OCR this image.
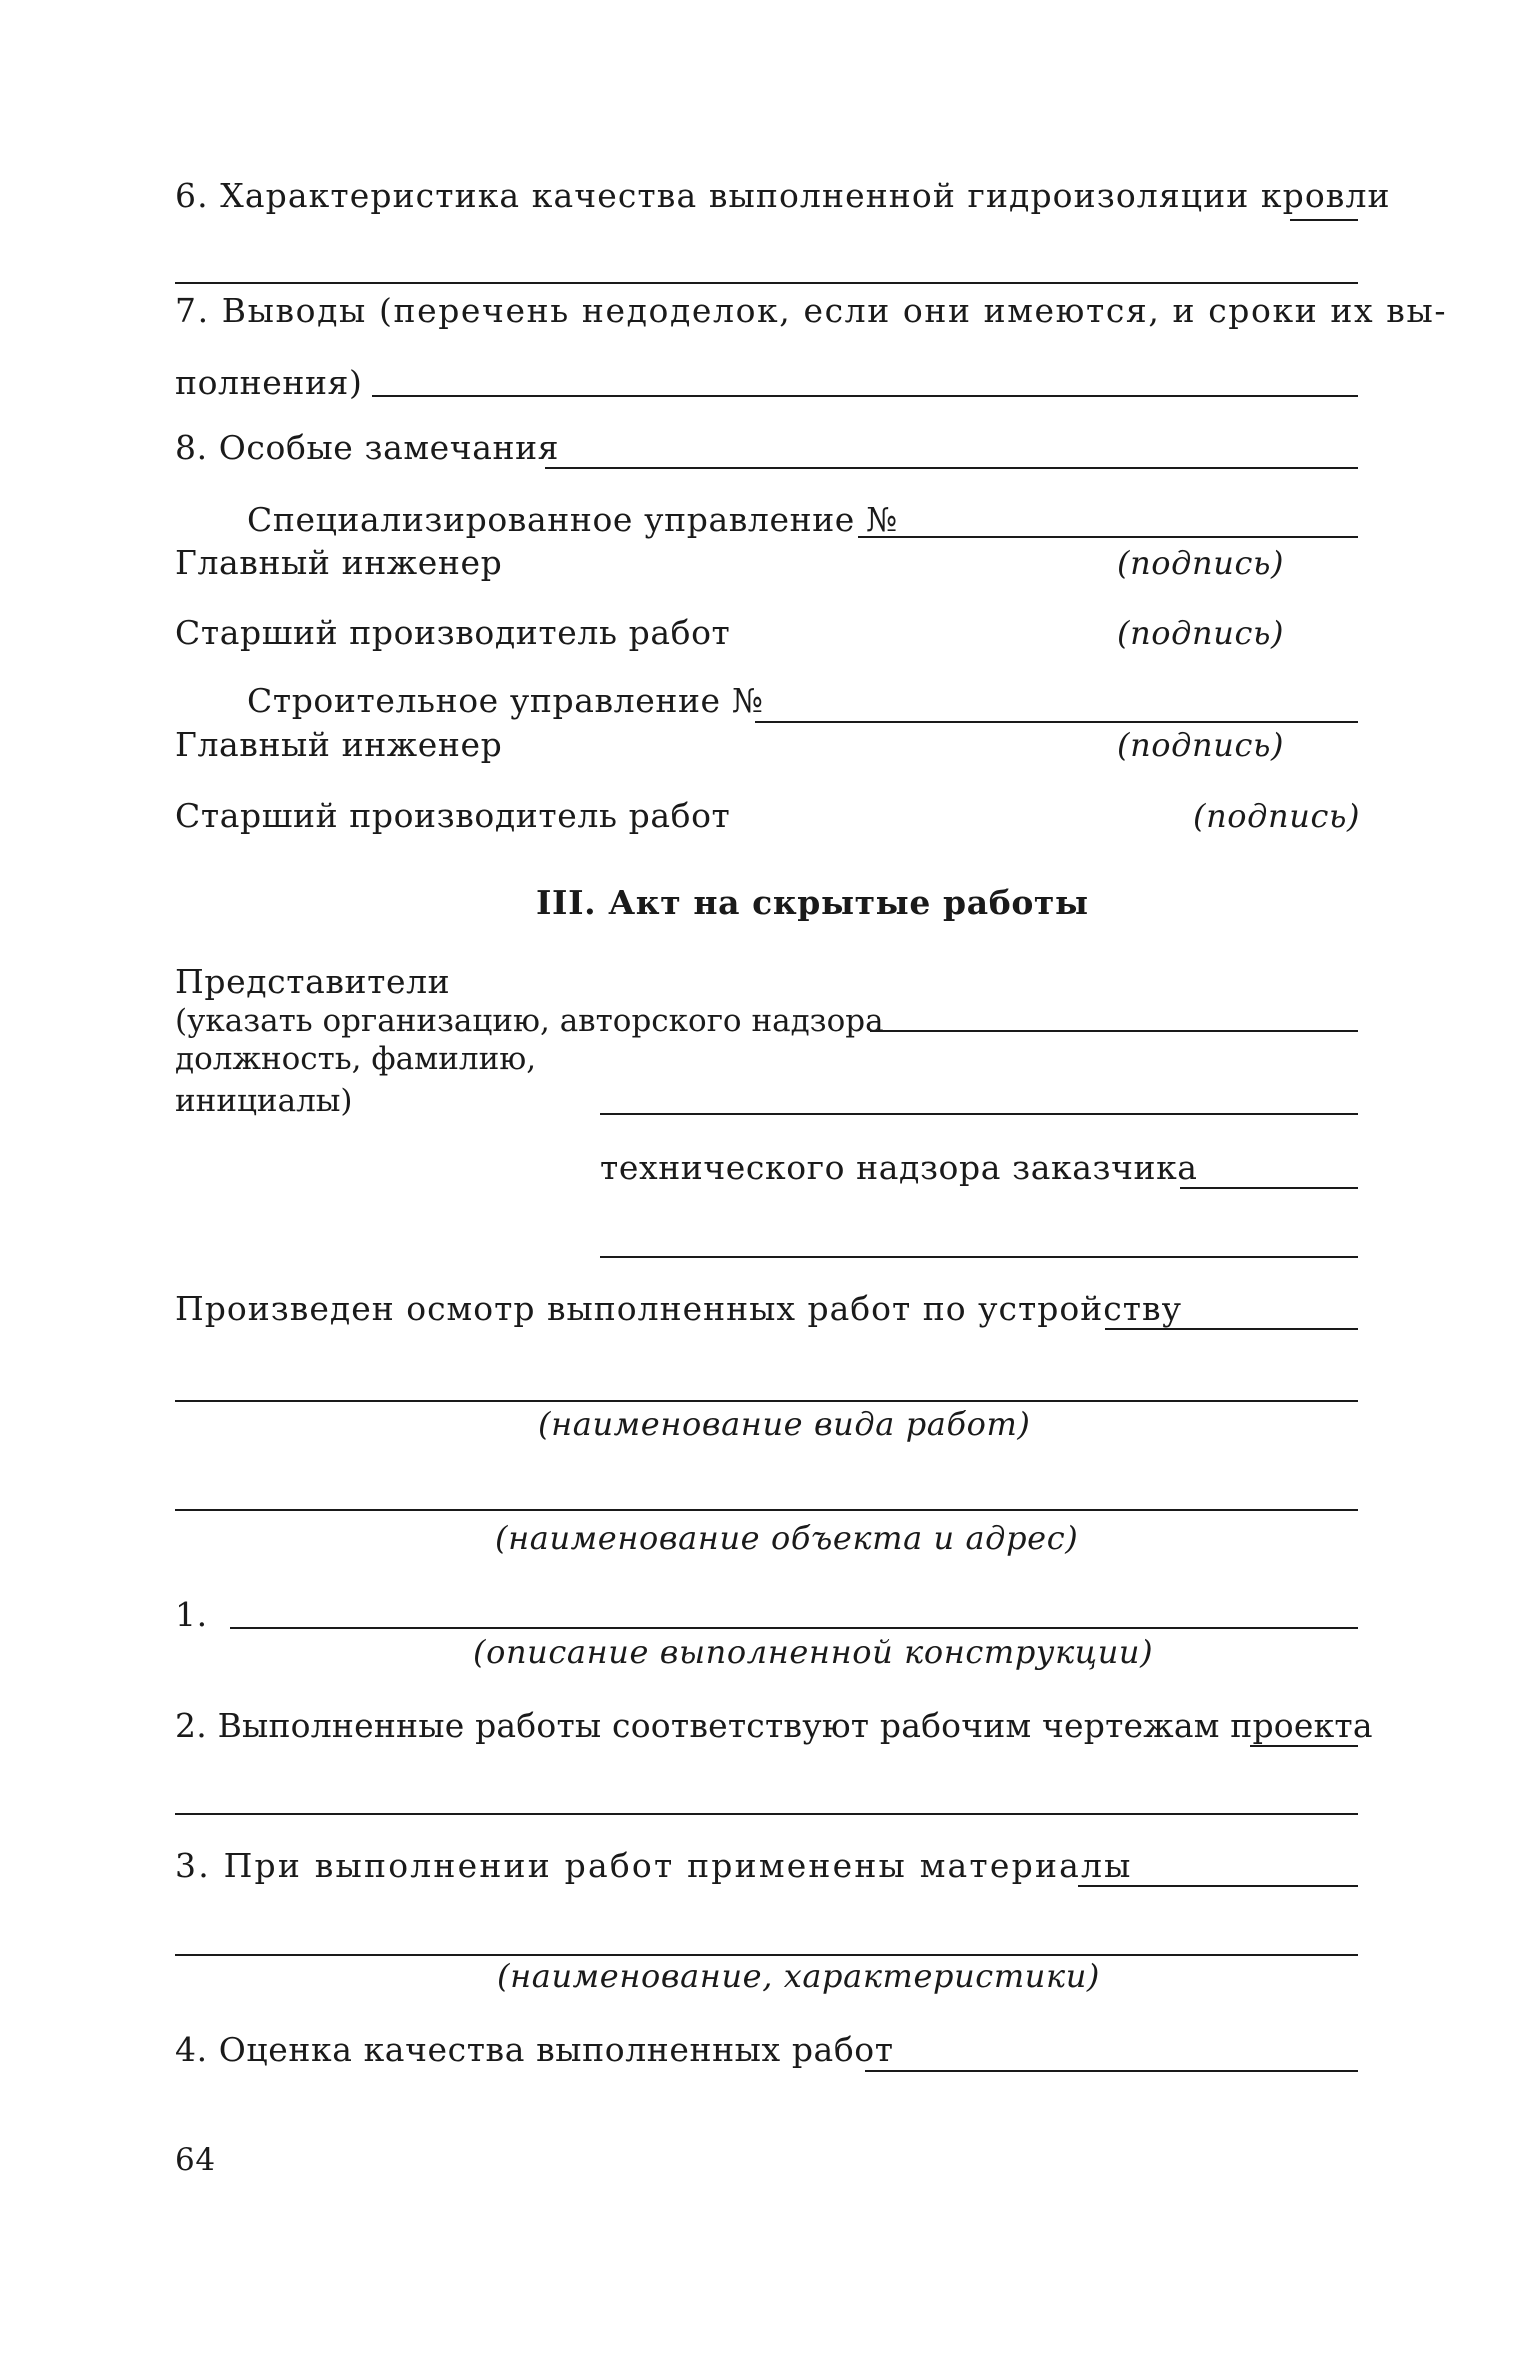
6. Характеристика качества выполненной гидроизоляции кровли
7. Выводы (перечень недоделок, если они имеются, и сроки их вы-
полнения)
8. Особые замечания
Специализированное управление №
Главный инженер	(подпись)
Старший производитель работ	(подпись)
Строительное управление №
Главный инженер	(подпись)
Старший производитель работ	(подпись)
III. Акт на скрытые работы
Представители
(указать организацию, авторского надзора
должность, фамилию,
инициалы)
технического надзора заказчика
Произведен осмотр выполненных работ по устройству
(наименование вида работ)
(наименование объекта и адрес)
1.
(описание выполненной конструкции)
2. Выполненные работы соответствуют рабочим чертежам проекта
3. При выполнении работ применены материалы
(наименование, характеристики)
4. Оценка качества выполненных работ
64
